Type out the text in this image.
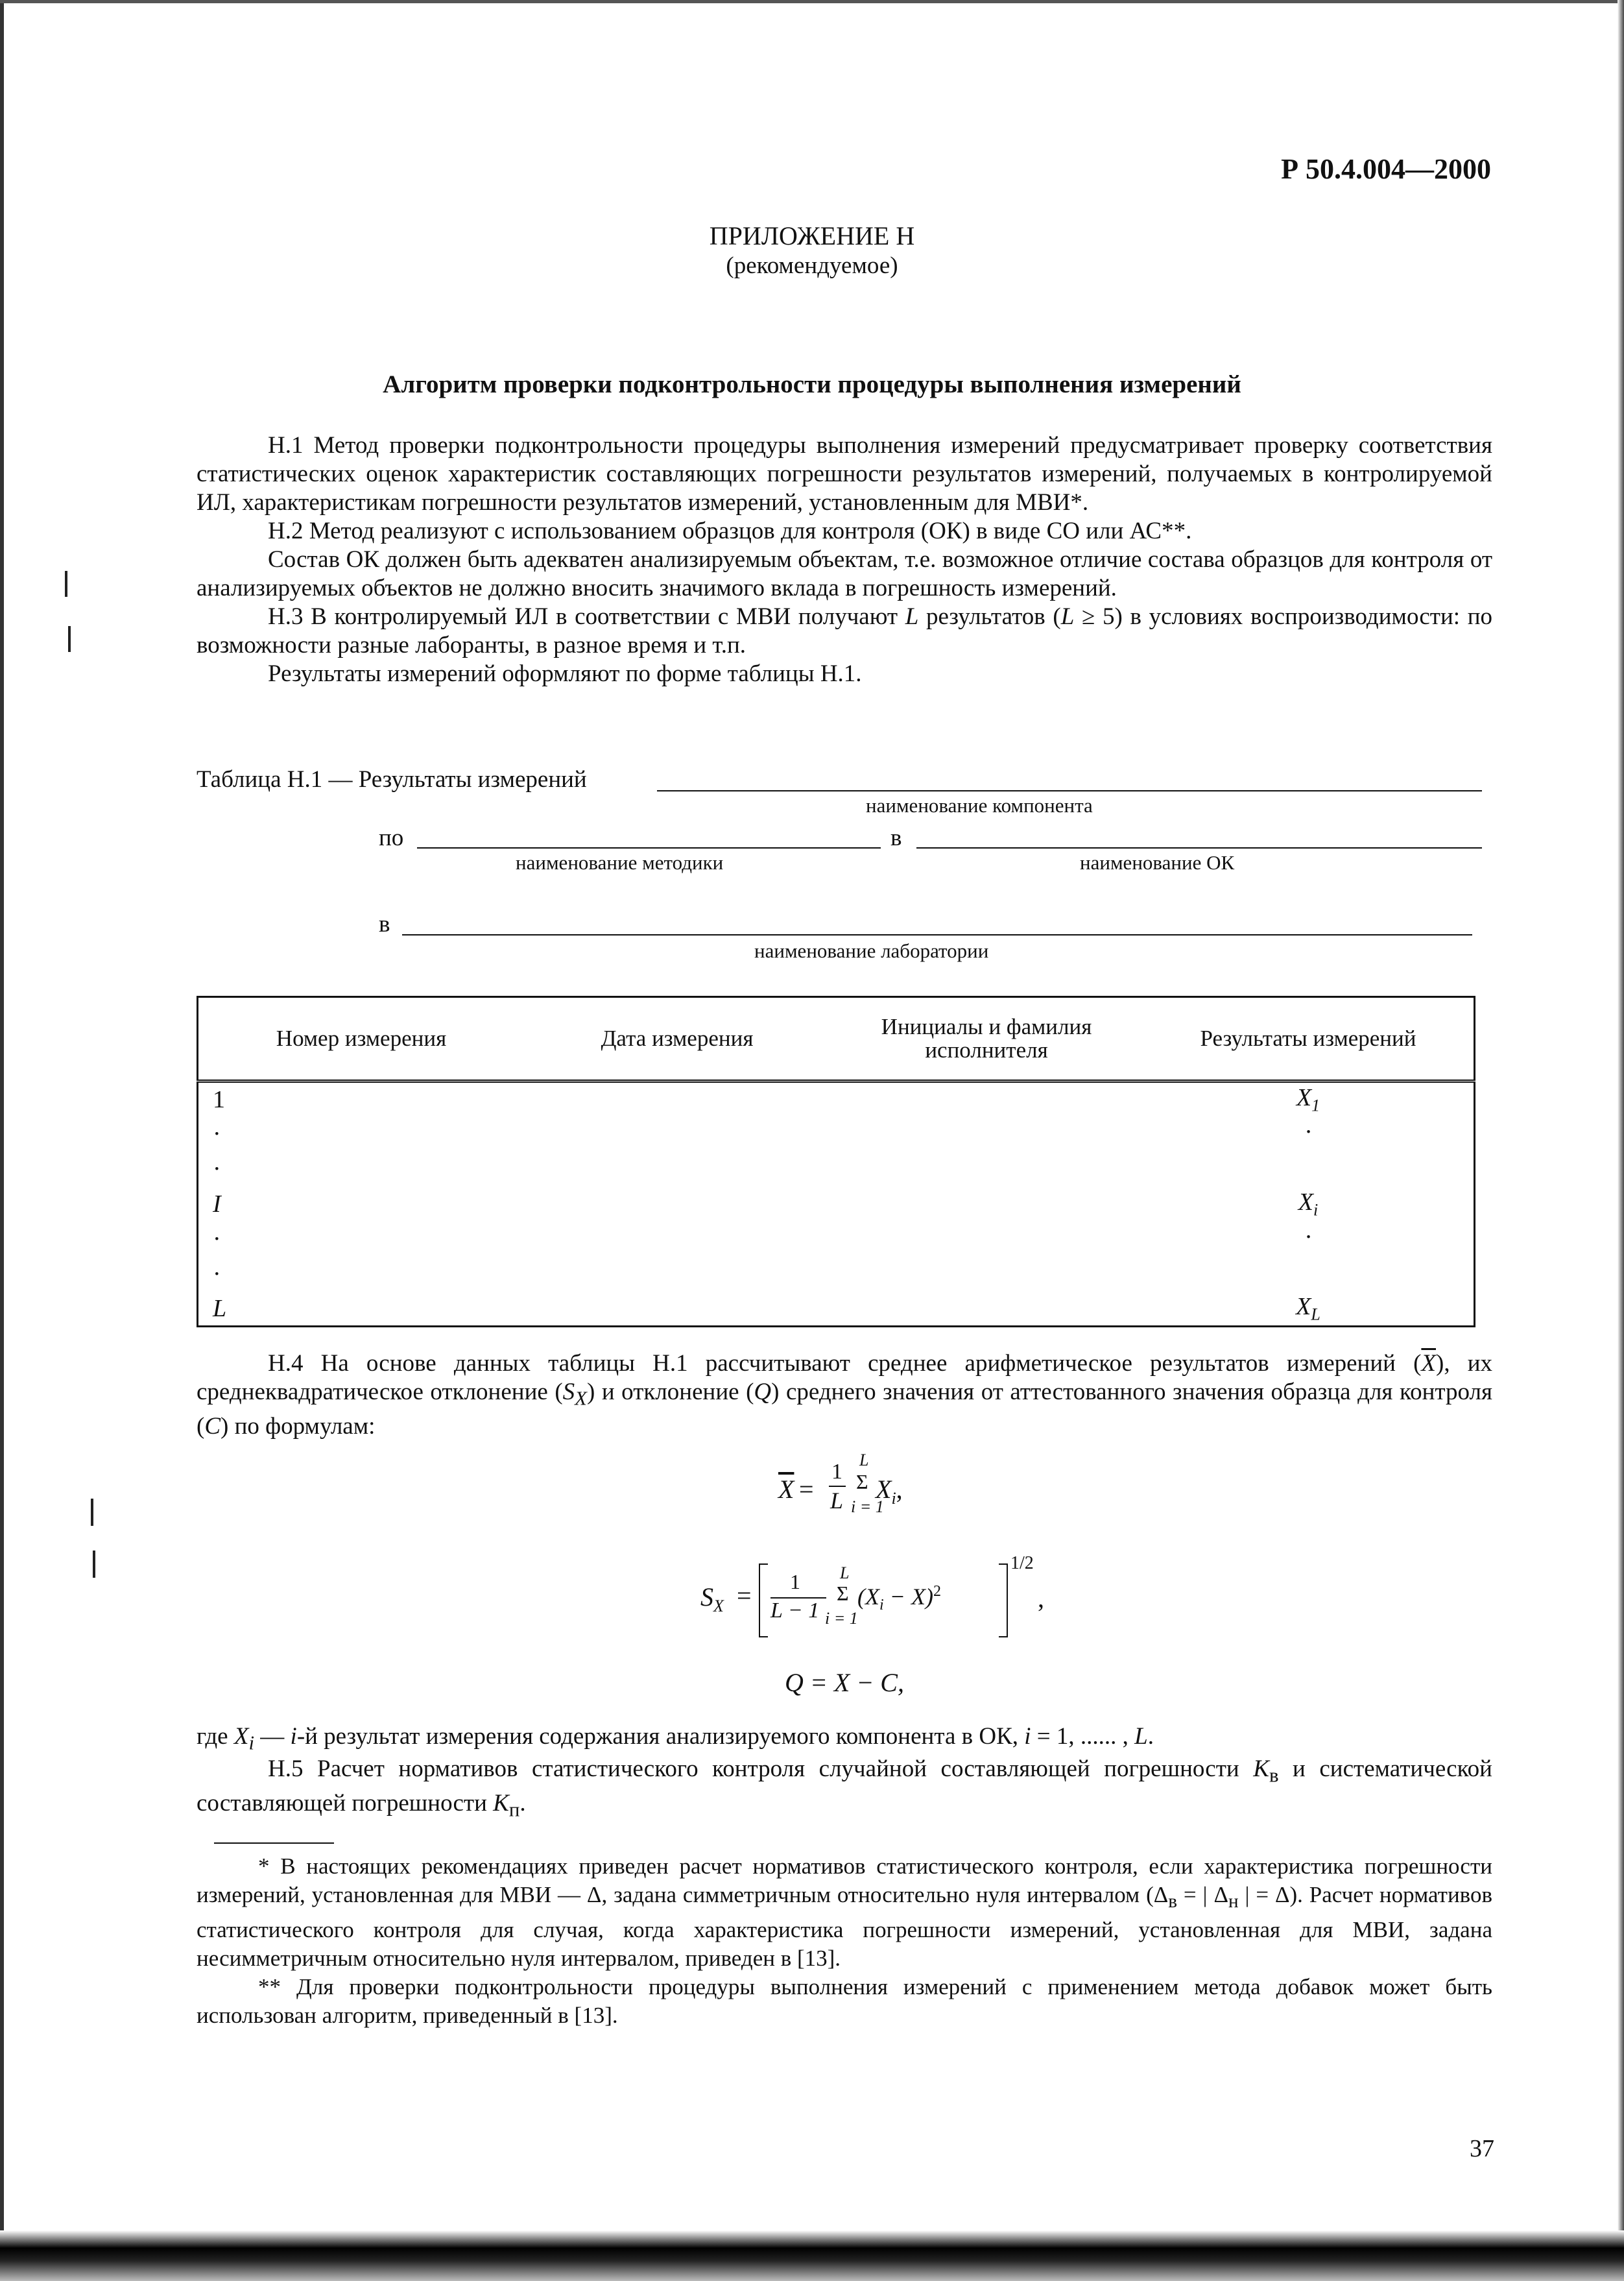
Р 50.4.004—2000
ПРИЛОЖЕНИЕ Н
(рекомендуемое)
Алгоритм проверки подконтрольности процедуры выполнения измерений
Н.1 Метод проверки подконтрольности процедуры выполнения измерений предусматривает проверку соответствия статистических оценок характеристик составляющих погрешности результатов измерений, получаемых в контролируемой ИЛ, характеристикам погрешности результатов измерений, установленным для МВИ*.
Н.2 Метод реализуют с использованием образцов для контроля (ОК) в виде СО или АС**.
Состав ОК должен быть адекватен анализируемым объектам, т.е. возможное отличие состава образцов для контроля от анализируемых объектов не должно вносить значимого вклада в погрешность измерений.
Н.3 В контролируемый ИЛ в соответствии с МВИ получают L результатов (L ≥ 5) в условиях воспроизводимости: по возможности разные лаборанты, в разное время и т.п.
Результаты измерений оформляют по форме таблицы Н.1.
Таблица Н.1 — Результаты измерений
наименование компонента
по	в
наименование методики	наименование ОК
в
наименование лаборатории
Номер измерения	Дата измерения	Инициалы и фамилия исполнителя	Результаты измерений
1			$X_1$
·			·
·			
I			$X_i$
·			·
·			
L			$X_L$
Н.4 На основе данных таблицы Н.1 рассчитывают среднее арифметическое результатов измерений $(\overline{X})$, их среднеквадратическое отклонение $(S_X)$ и отклонение (Q) среднего значения от аттестованного значения образца для контроля (C) по формулам:
$\overline{X}$ =
1
L
L
Σ
i = 1
$X_i$,
$S_X = 1$
L − 1
L
Σ
i = 1
$(X_i - X)^2$
1/2
,
Q = X − C,
где $X_i$ — i-й результат измерения содержания анализируемого компонента в ОК, i = 1, ...... , L.
Н.5 Расчет нормативов статистического контроля случайной составляющей погрешности $K_в$ и систематической составляющей погрешности $K_п$.
* В настоящих рекомендациях приведен расчет нормативов статистического контроля, если характеристика погрешности измерений, установленная для МВИ — Δ, задана симметричным относительно нуля интервалом ($\Delta_в$ = | $\Delta_н$ | = Δ). Расчет нормативов статистического контроля для случая, когда характеристика погрешности измерений, установленная для МВИ, задана несимметричным относительно нуля интервалом, приведен в [13].
** Для проверки подконтрольности процедуры выполнения измерений с применением метода добавок может быть использован алгоритм, приведенный в [13].
37
